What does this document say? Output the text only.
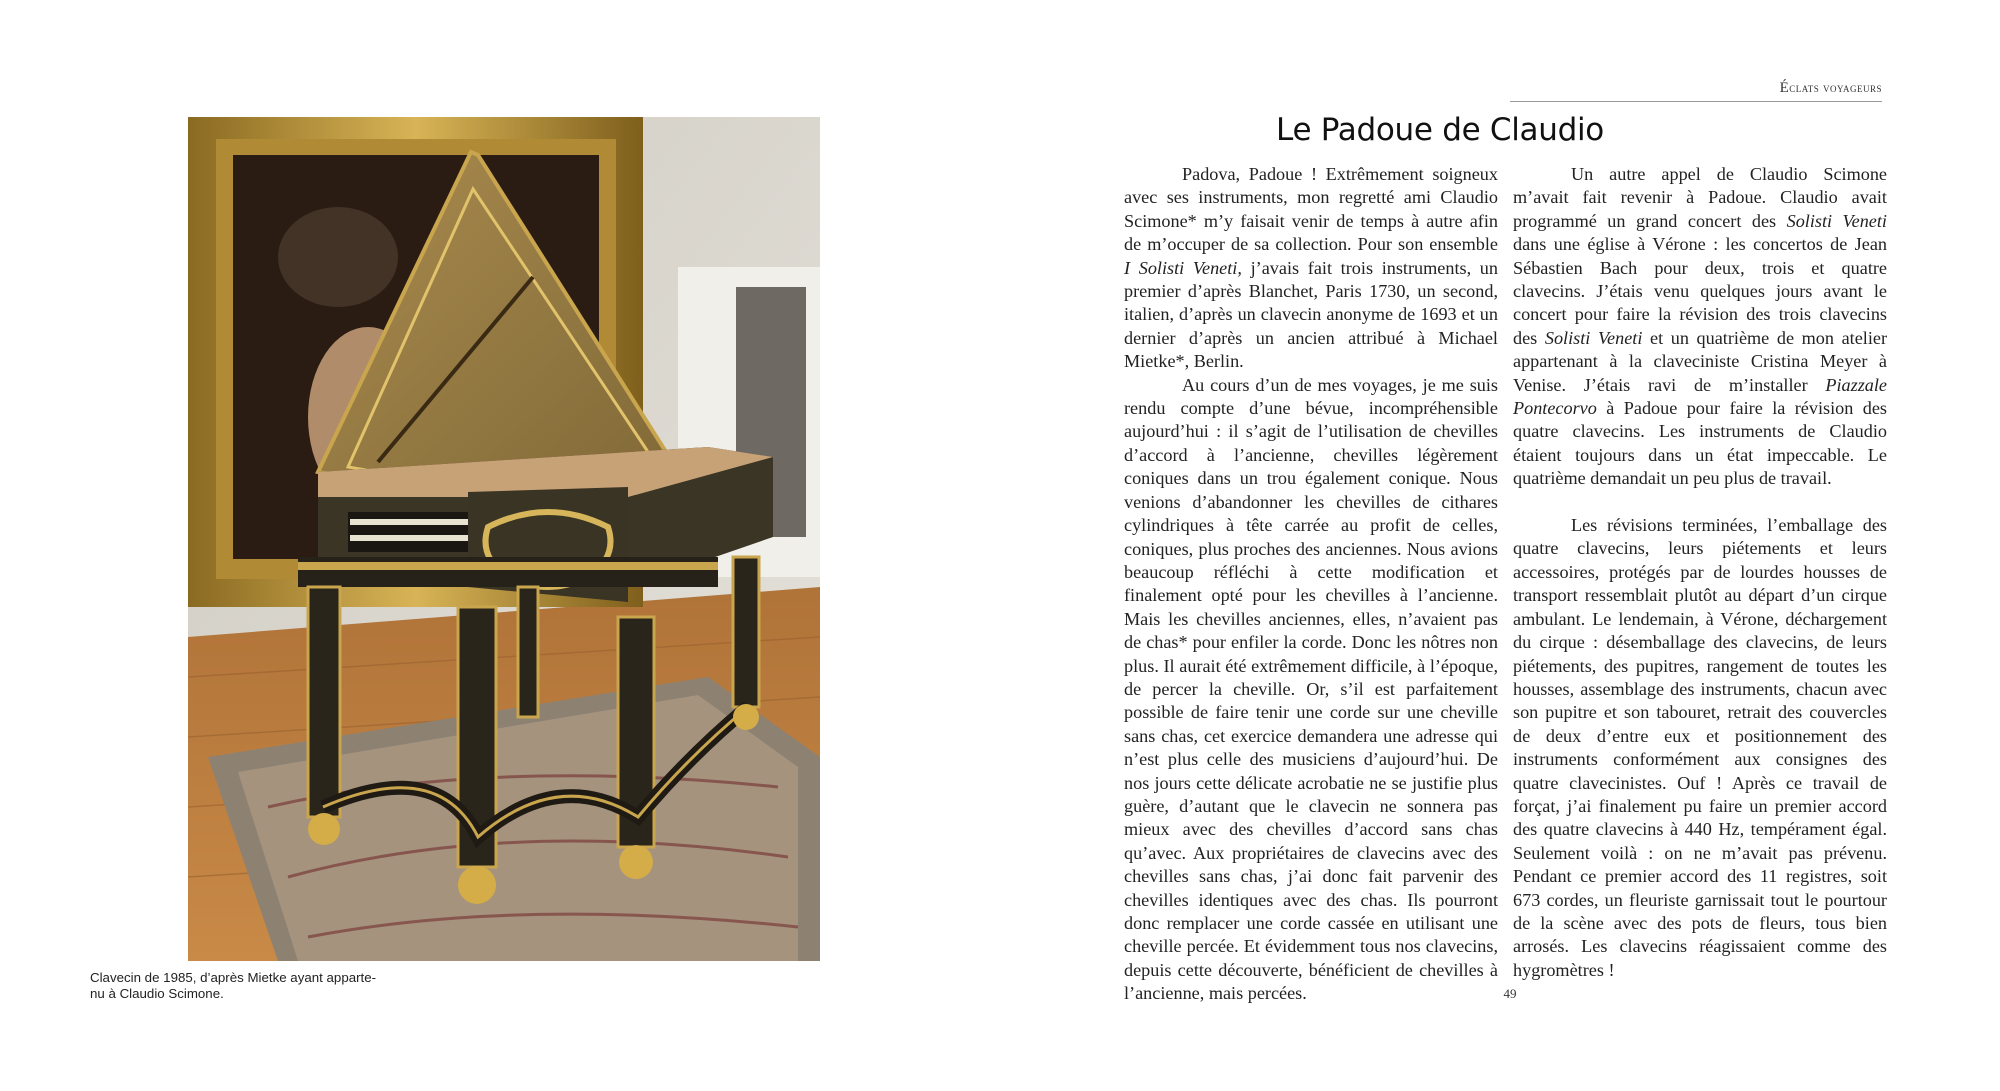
Clavecin de 1985, d’après Mietke ayant apparte-
nu à Claudio Scimone.
Éclats voyageurs
Le Padoue de Claudio

Padova, Padoue ! Extrêmement soigneux avec ses instruments, mon regretté ami Claudio Scimone* m’y faisait venir de temps à autre afin de m’occuper de sa collection. Pour son ensemble I Solisti Veneti, j’avais fait trois instruments, un premier d’après Blanchet, Paris 1730, un second, italien, d’après un clavecin anonyme de 1693 et un dernier d’après un ancien attribué à Michael Mietke*, Berlin.

Au cours d’un de mes voyages, je me suis rendu compte d’une bévue, incompréhensible aujourd’hui : il s’agit de l’utilisation de chevilles d’accord à l’ancienne, chevilles légèrement coniques dans un trou également conique. Nous venions d’abandonner les chevilles de cithares cylindriques à tête carrée au profit de celles, coniques, plus proches des anciennes. Nous avions beaucoup réfléchi à cette modification et finalement opté pour les chevilles à l’ancienne. Mais les chevilles anciennes, elles, n’avaient pas de chas* pour enfiler la corde. Donc les nôtres non plus. Il aurait été extrêmement difficile, à l’époque, de percer la cheville. Or, s’il est parfaitement possible de faire tenir une corde sur une cheville sans chas, cet exercice demandera une adresse qui n’est plus celle des musiciens d’aujourd’hui. De nos jours cette délicate acrobatie ne se justifie plus guère, d’autant que le clavecin ne sonnera pas mieux avec des chevilles d’accord sans chas qu’avec. Aux propriétaires de clavecins avec des chevilles sans chas, j’ai donc fait parvenir des chevilles identiques avec des chas. Ils pourront donc remplacer une corde cassée en utilisant une cheville percée. Et évidemment tous nos clavecins, depuis cette découverte, bénéficient de chevilles à l’ancienne, mais percées.

Un autre appel de Claudio Scimone m’avait fait revenir à Padoue. Claudio avait programmé un grand concert des Solisti Veneti dans une église à Vérone : les concertos de Jean Sébastien Bach pour deux, trois et quatre clavecins. J’étais venu quelques jours avant le concert pour faire la révision des trois clavecins des Solisti Veneti et un quatrième de mon atelier appartenant à la claveciniste Cristina Meyer à Venise. J’étais ravi de m’installer Piazzale Pontecorvo à Padoue pour faire la révision des quatre clavecins. Les instruments de Claudio étaient toujours dans un état impeccable. Le quatrième demandait un peu plus de travail.

Les révisions terminées, l’emballage des quatre clavecins, leurs piétements et leurs accessoires, protégés par de lourdes housses de transport ressemblait plutôt au départ d’un cirque ambulant. Le lendemain, à Vérone, déchargement du cirque : désemballage des clavecins, de leurs piétements, des pupitres, rangement de toutes les housses, assemblage des instruments, chacun avec son pupitre et son tabouret, retrait des couvercles de deux d’entre eux et positionnement des instruments conformément aux consignes des quatre clavecinistes. Ouf ! Après ce travail de forçat, j’ai finalement pu faire un premier accord des quatre clavecins à 440 Hz, tempérament égal. Seulement voilà : on ne m’avait pas prévenu. Pendant ce premier accord des 11 registres, soit 673 cordes, un fleuriste garnissait tout le pourtour de la scène avec des pots de fleurs, tous bien arrosés. Les clavecins réagissaient comme des hygromètres !

49
